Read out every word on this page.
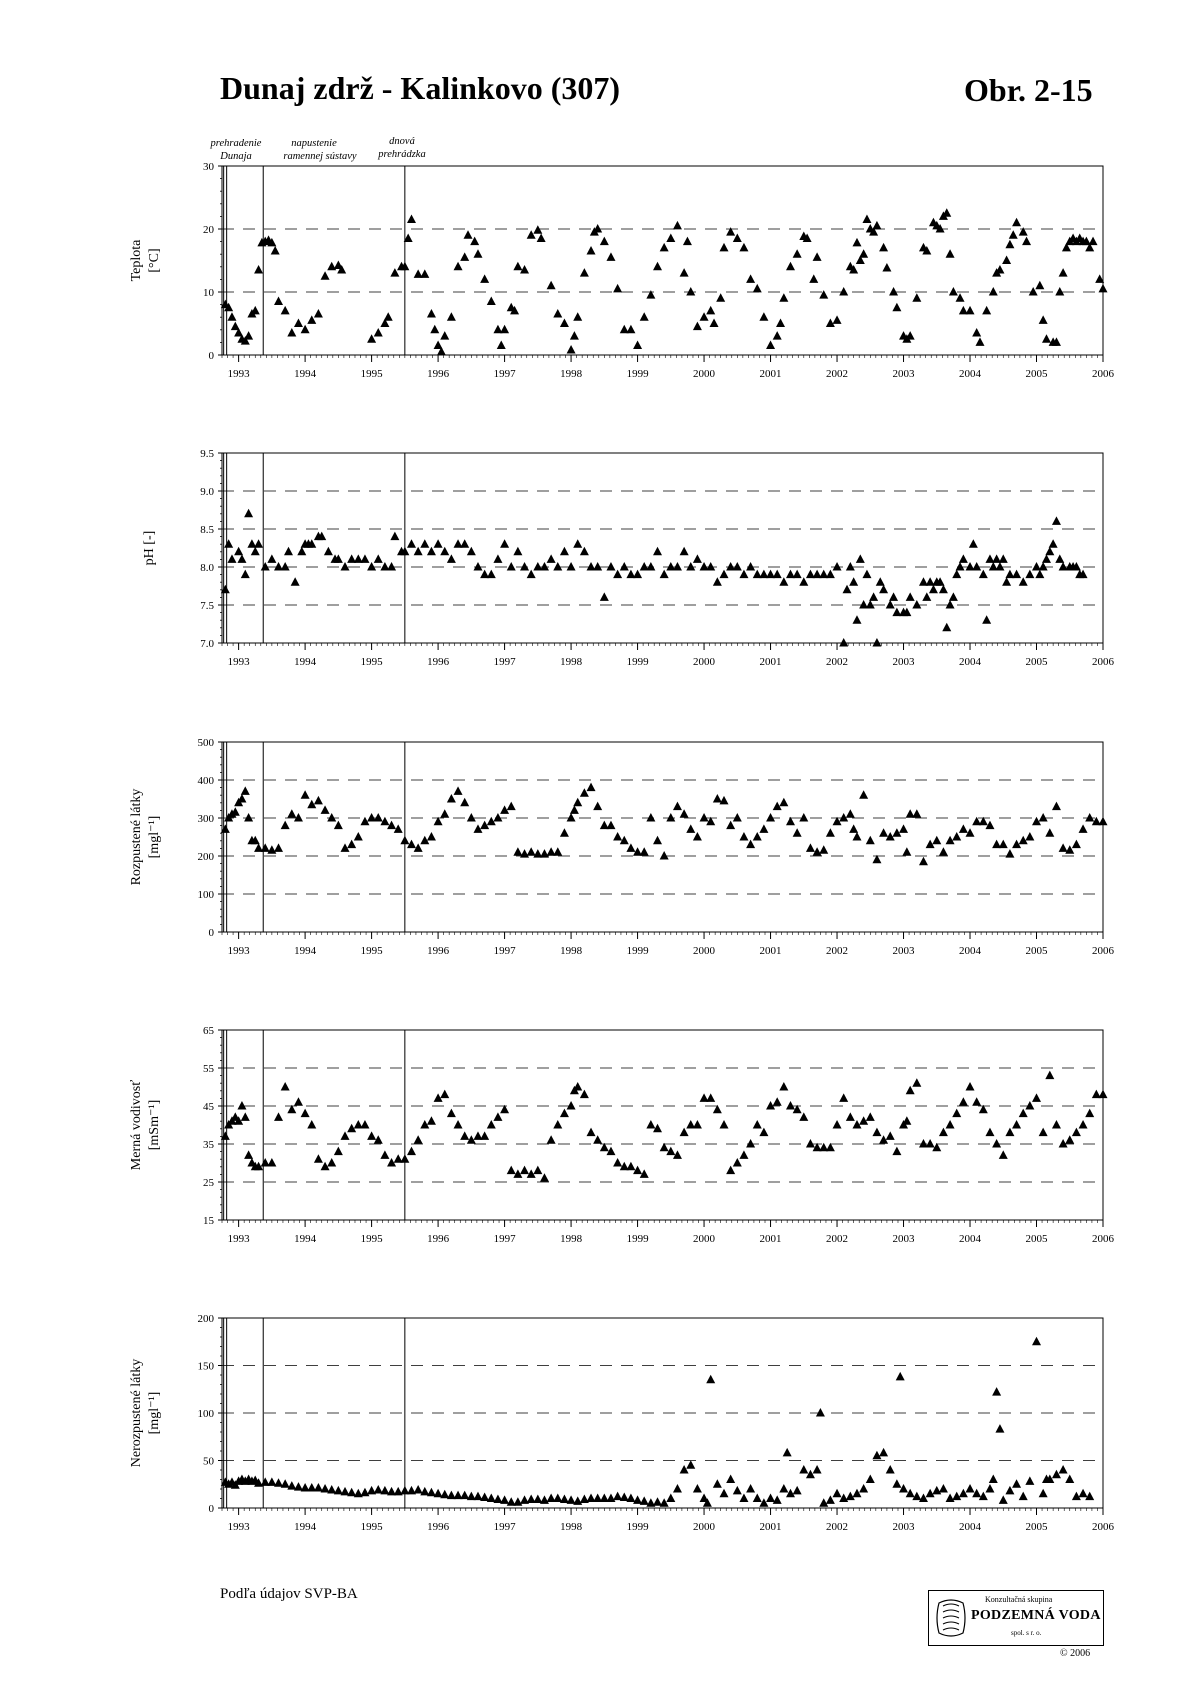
Dunaj zdrž - Kalinkovo (307)	Obr. 2-15
0
10
20
30
1993	1994	1995	1996	1997	1998	1999	2000	2001	2002	2003	2004	2005	2006
Teplota [°C]
7.0
7.5
8.0
8.5
9.0
9.5
1993	1994	1995	1996	1997	1998	1999	2000	2001	2002	2003	2004	2005	2006
pH [-]
0
100
200
300
400
500
1993	1994	1995	1996	1997	1998	1999	2000	2001	2002	2003	2004	2005	2006
Rozpustené látky [mgl⁻¹]
15
25
35
45
55
65
1993	1994	1995	1996	1997	1998	1999	2000	2001	2002	2003	2004	2005	2006
Merná vodivosť [mSm⁻¹]
0
50
100
150
200
1993	1994	1995	1996	1997	1998	1999	2000	2001	2002	2003	2004	2005	2006
Nerozpustené látky [mgl⁻¹]
prehradenie
Dunaja
napustenie
ramennej sústavy
dnová
prehrádzka
Podľa údajov SVP-BA	Konzultačná skupina
PODZEMNÁ VODA
spol. s r. o.
© 2006
